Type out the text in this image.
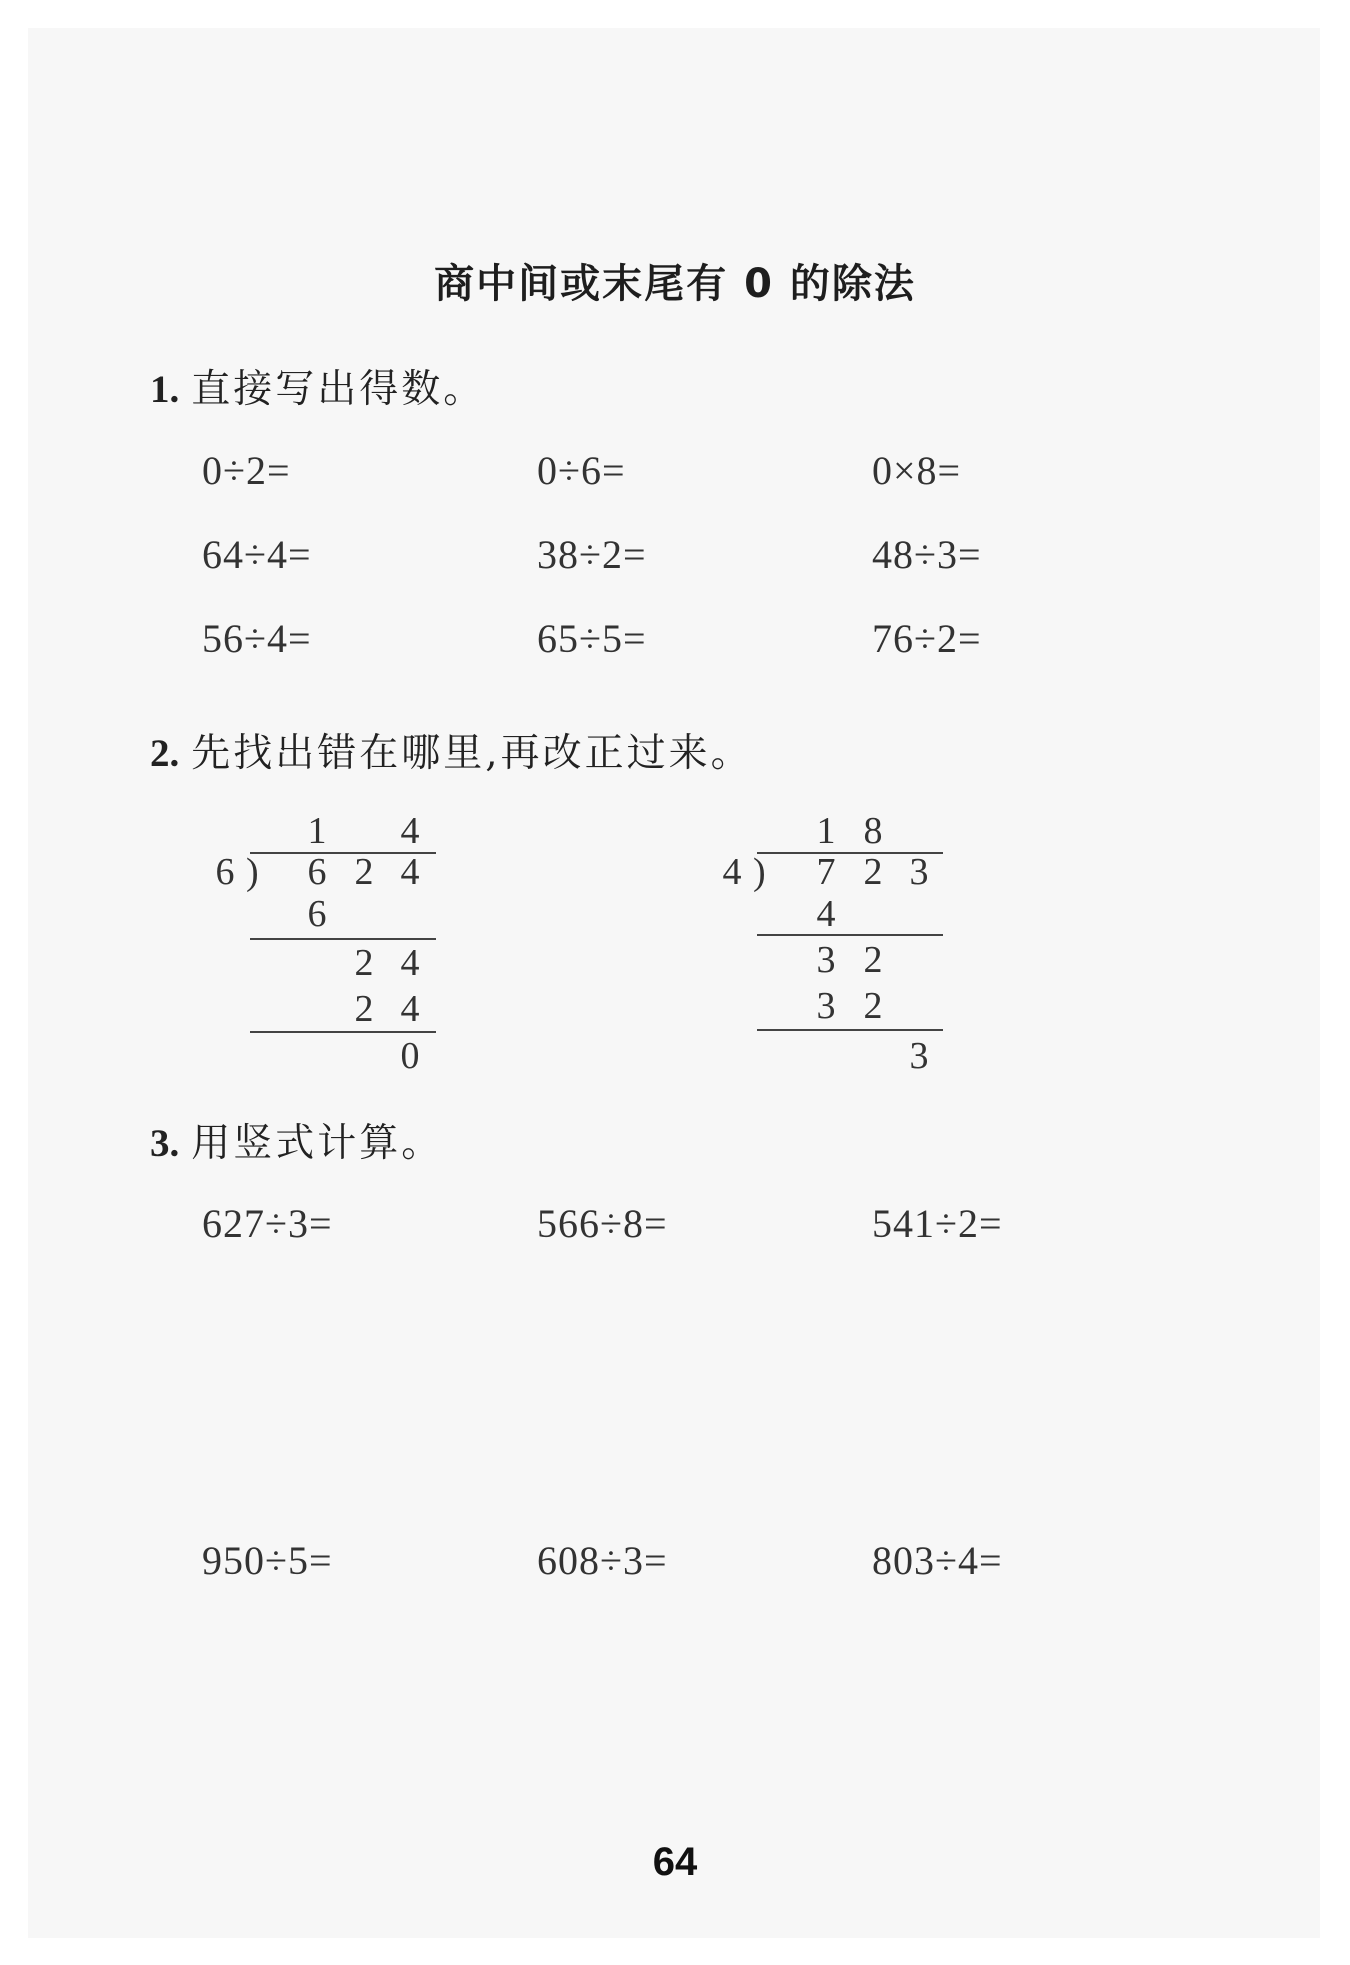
商中间或末尾有 0 的除法
1. 直接写出得数。
0÷2=	0÷6=	0×8=
64÷4=	38÷2=	48÷3=
56÷4=	65÷5=	76÷2=
2. 先找出错在哪里,再改正过来。
1 4
6 ) 6 2 4
6
2 4
2 4
0
1 8
4 ) 7 2 3
4
3 2
3 2
3
3. 用竖式计算。
627÷3=	566÷8=	541÷2=
950÷5=	608÷3=	803÷4=
64
